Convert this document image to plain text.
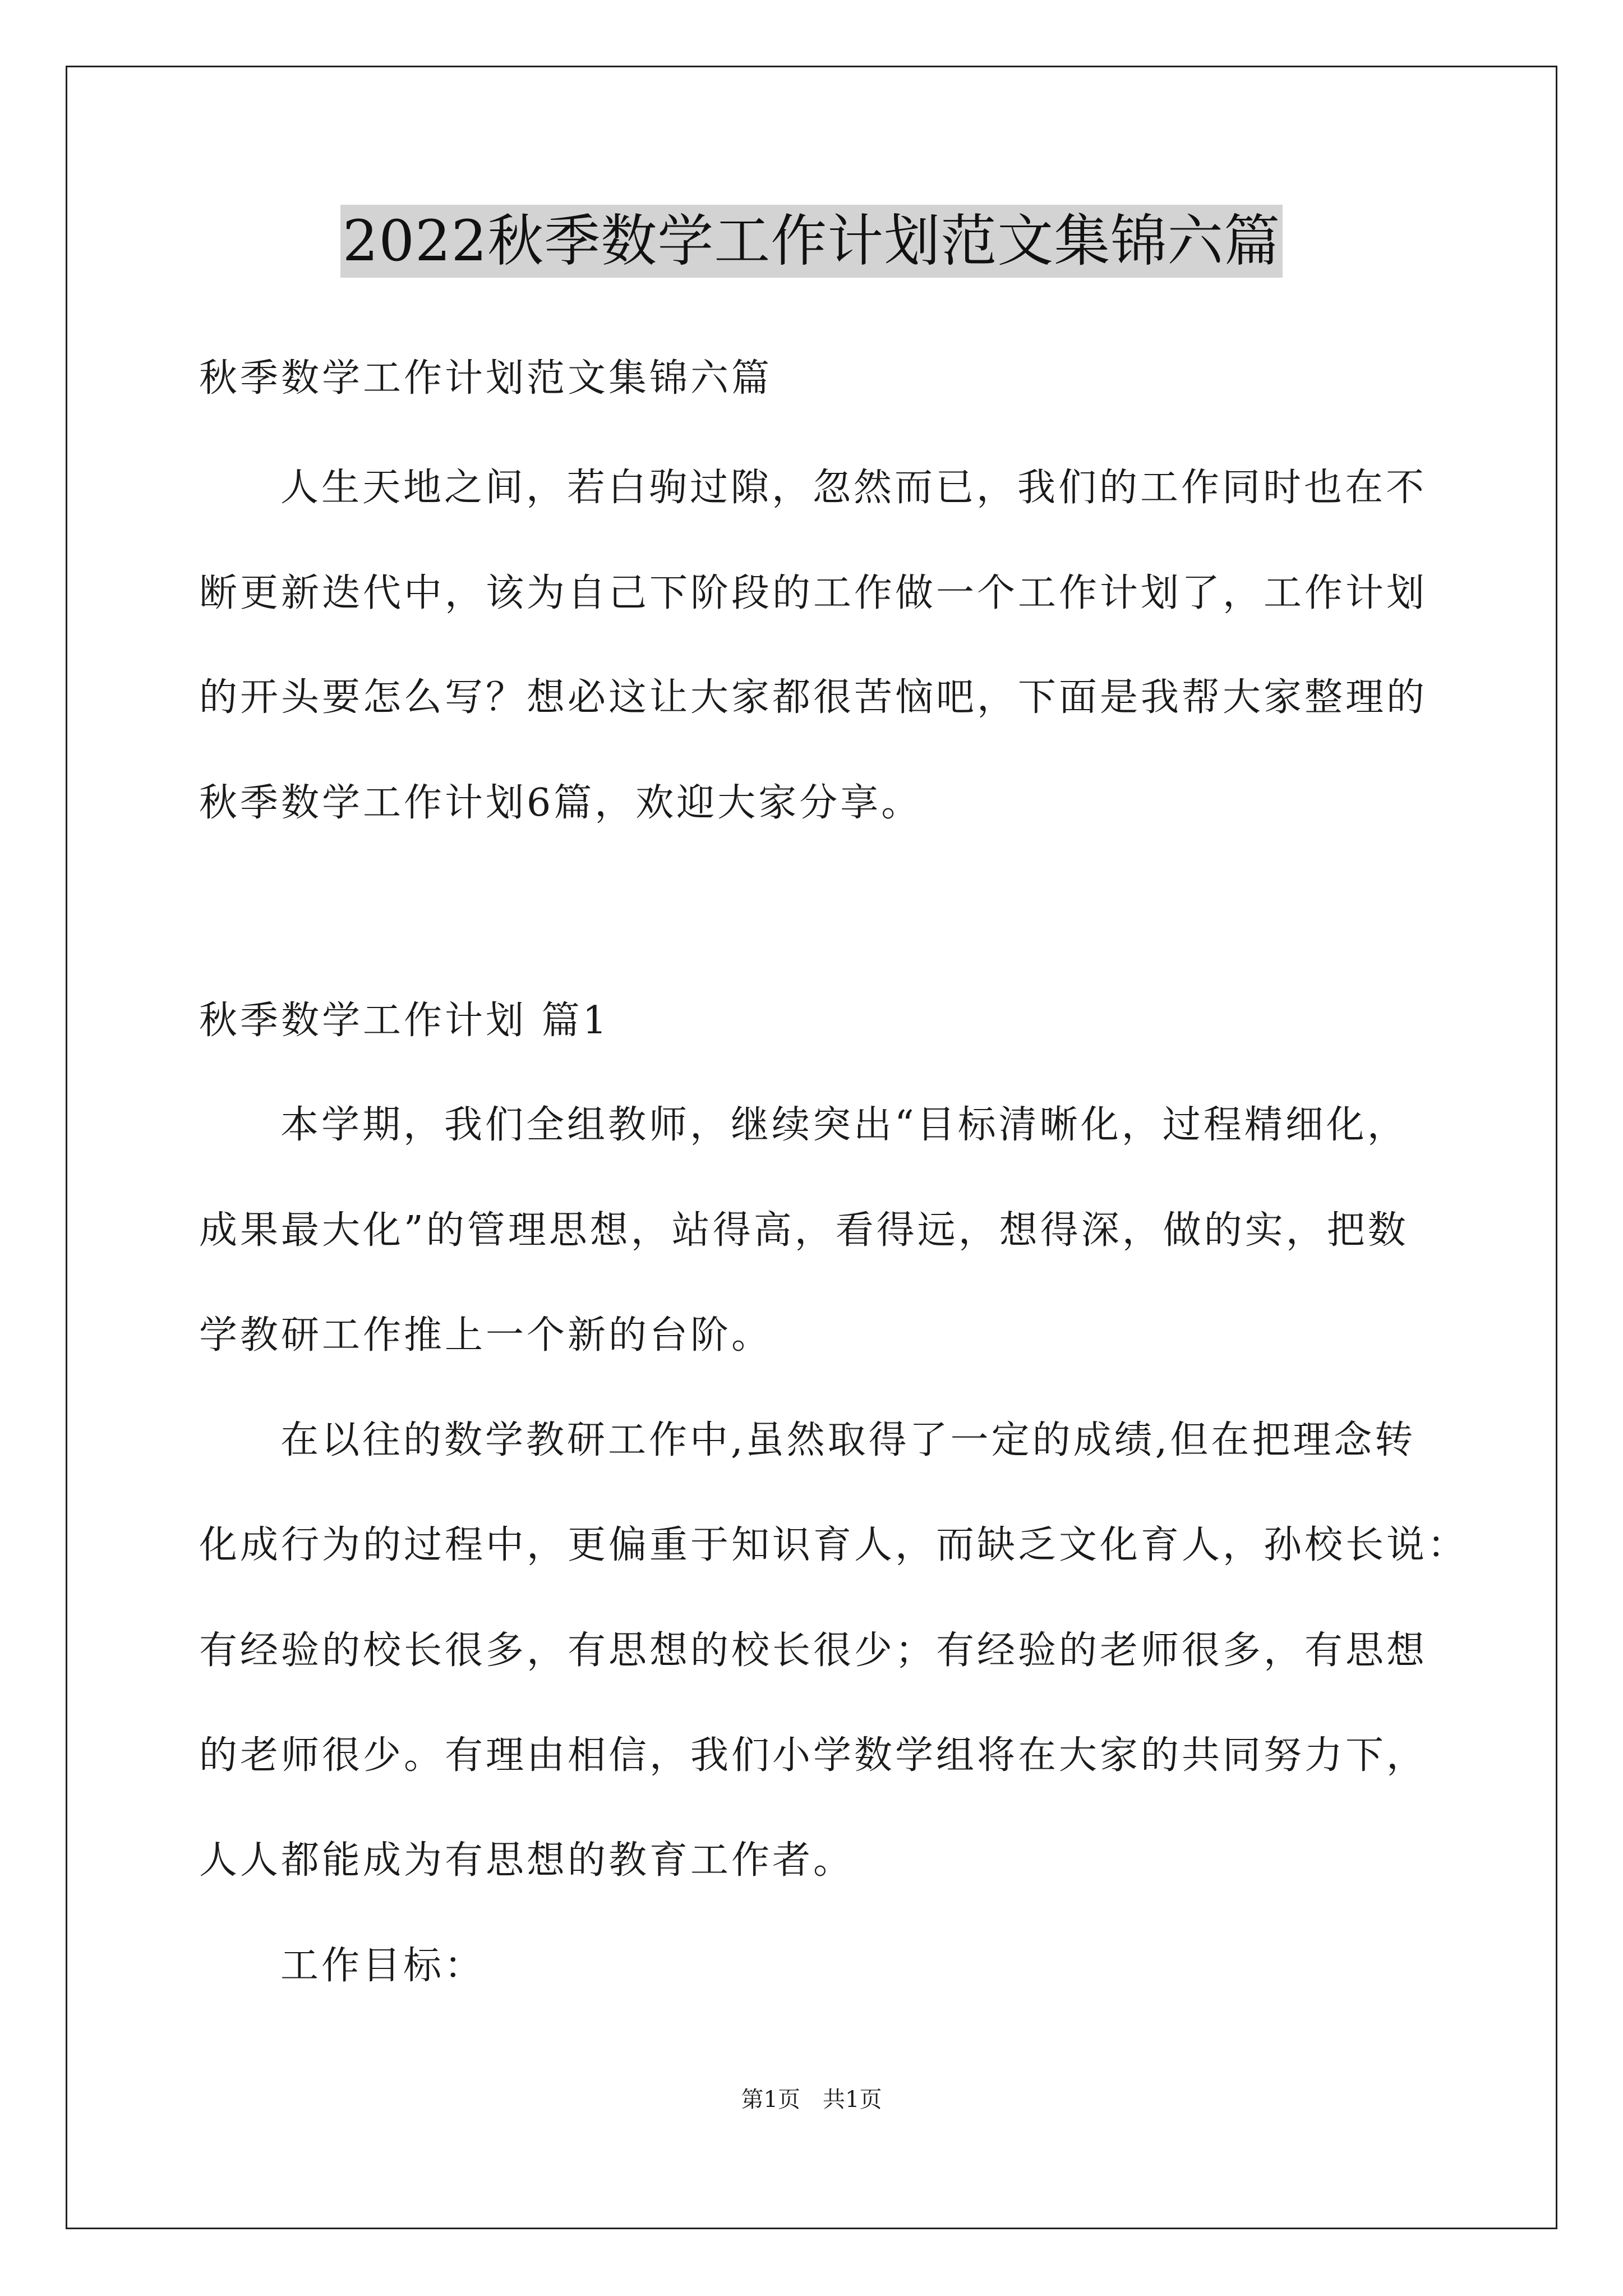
2022秋季数学工作计划范文集锦六篇
秋季数学工作计划范文集锦六篇
人生天地之间，若白驹过隙，忽然而已，我们的工作同时也在不
断更新迭代中，该为自己下阶段的工作做一个工作计划了，工作计划
的开头要怎么写？想必这让大家都很苦恼吧，下面是我帮大家整理的
秋季数学工作计划6篇，欢迎大家分享。
秋季数学工作计划 篇1
本学期，我们全组教师，继续突出“目标清晰化，过程精细化，
成果最大化”的管理思想，站得高，看得远，想得深，做的实，把数
学教研工作推上一个新的台阶。
在以往的数学教研工作中,虽然取得了一定的成绩,但在把理念转
化成行为的过程中，更偏重于知识育人，而缺乏文化育人，孙校长说：
有经验的校长很多，有思想的校长很少；有经验的老师很多，有思想
的老师很少。有理由相信，我们小学数学组将在大家的共同努力下，
人人都能成为有思想的教育工作者。
工作目标：
第1页 共1页
